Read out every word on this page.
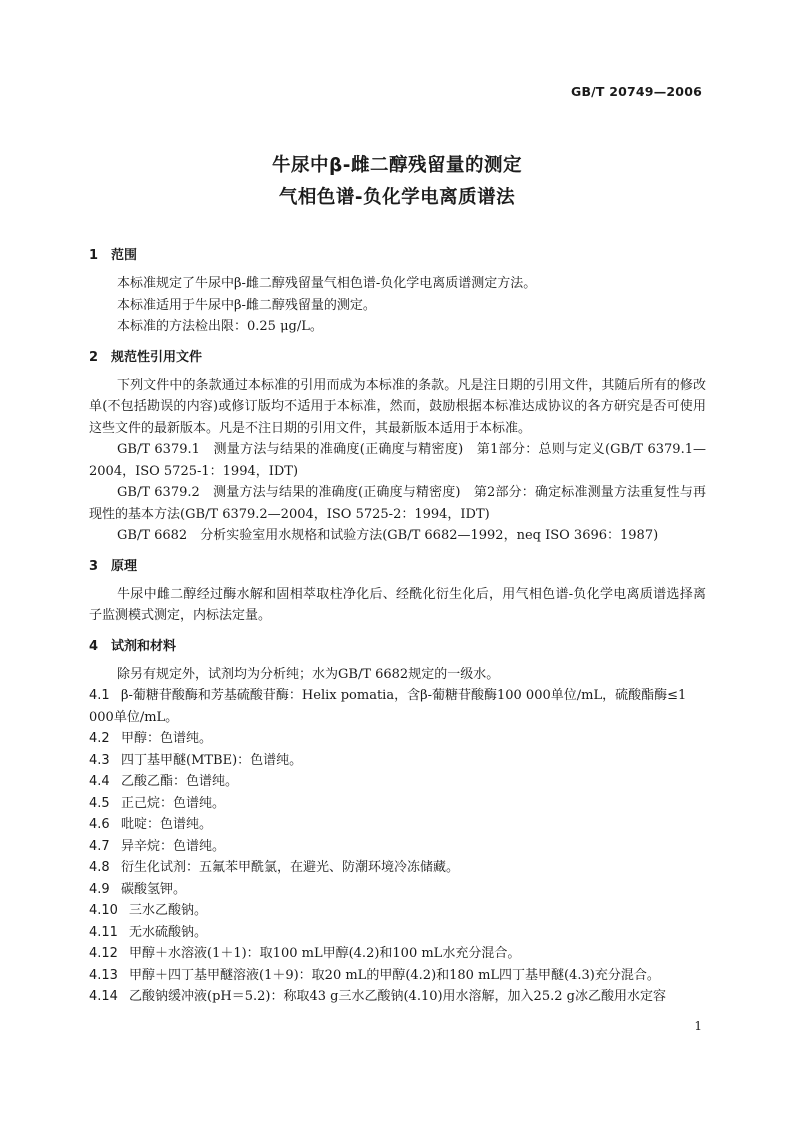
GB/T 20749—2006
牛尿中β-雌二醇残留量的测定
气相色谱-负化学电离质谱法
1 范围
本标准规定了牛尿中β-雌二醇残留量气相色谱-负化学电离质谱测定方法。
本标准适用于牛尿中β-雌二醇残留量的测定。
本标准的方法检出限：0.25 μg/L。
2 规范性引用文件
下列文件中的条款通过本标准的引用而成为本标准的条款。凡是注日期的引用文件，其随后所有的修改单(不包括勘误的内容)或修订版均不适用于本标准，然而，鼓励根据本标准达成协议的各方研究是否可使用这些文件的最新版本。凡是不注日期的引用文件，其最新版本适用于本标准。
GB/T 6379.1　测量方法与结果的准确度(正确度与精密度)　第1部分：总则与定义(GB/T 6379.1—2004，ISO 5725-1：1994，IDT)
GB/T 6379.2　测量方法与结果的准确度(正确度与精密度)　第2部分：确定标准测量方法重复性与再现性的基本方法(GB/T 6379.2—2004，ISO 5725-2：1994，IDT)
GB/T 6682　分析实验室用水规格和试验方法(GB/T 6682—1992，neq ISO 3696：1987)
3 原理
牛尿中雌二醇经过酶水解和固相萃取柱净化后、经酰化衍生化后，用气相色谱-负化学电离质谱选择离子监测模式测定，内标法定量。
4 试剂和材料
除另有规定外，试剂均为分析纯；水为GB/T 6682规定的一级水。
4.1 β-葡糖苷酸酶和芳基硫酸苷酶：Helix pomatia，含β-葡糖苷酸酶100 000单位/mL，硫酸酯酶≤1 000单位/mL。
4.2 甲醇：色谱纯。
4.3 四丁基甲醚(MTBE)：色谱纯。
4.4 乙酸乙酯：色谱纯。
4.5 正己烷：色谱纯。
4.6 吡啶：色谱纯。
4.7 异辛烷：色谱纯。
4.8 衍生化试剂：五氟苯甲酰氯，在避光、防潮环境冷冻储藏。
4.9 碳酸氢钾。
4.10 三水乙酸钠。
4.11 无水硫酸钠。
4.12 甲醇＋水溶液(1＋1)：取100 mL甲醇(4.2)和100 mL水充分混合。
4.13 甲醇＋四丁基甲醚溶液(1＋9)：取20 mL的甲醇(4.2)和180 mL四丁基甲醚(4.3)充分混合。
4.14 乙酸钠缓冲液(pH＝5.2)：称取43 g三水乙酸钠(4.10)用水溶解，加入25.2 g冰乙酸用水定容
1
